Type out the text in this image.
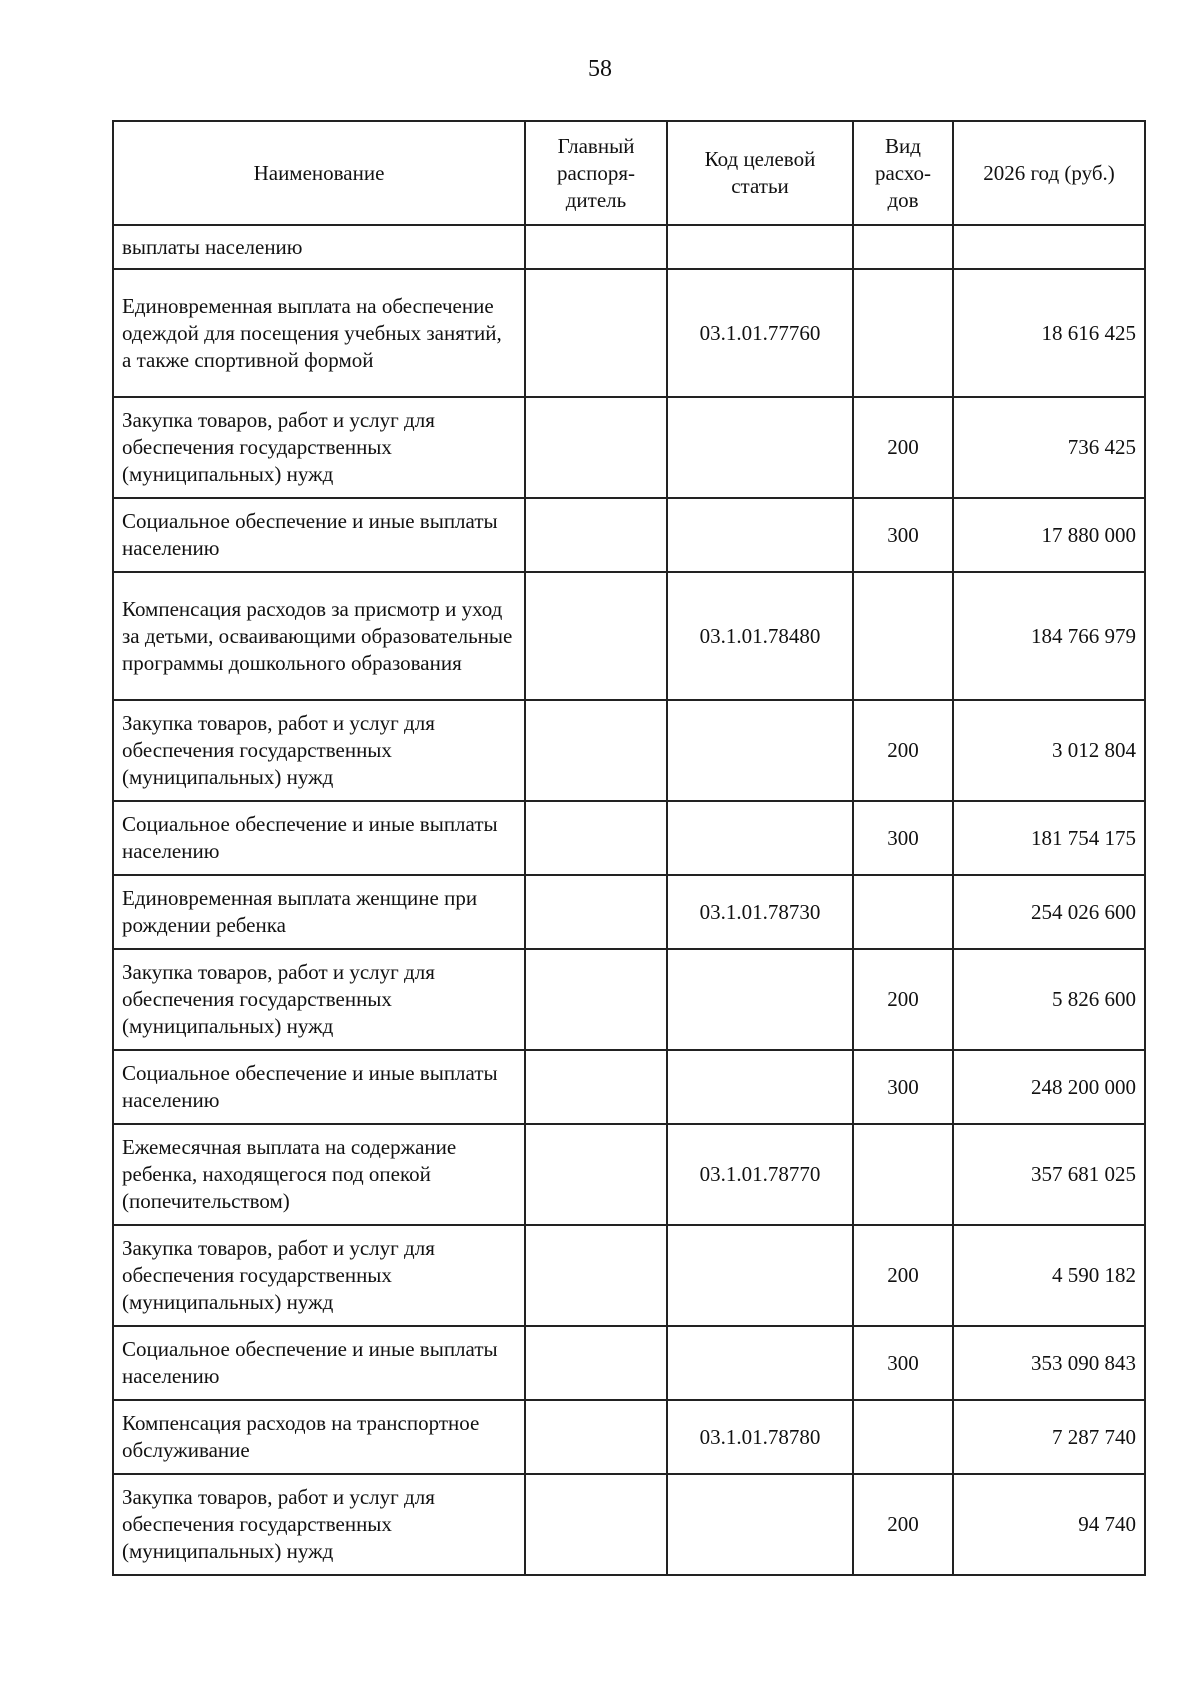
58
Наименование	Главный распоря-дитель	Код целевой статьи	Вид расхо-дов	2026 год (руб.)
выплаты населению				
Единовременная выплата на обеспечение одеждой для посещения учебных занятий, а также спортивной формой		03.1.01.77760		18 616 425
Закупка товаров, работ и услуг для обеспечения государственных (муниципальных) нужд			200	736 425
Социальное обеспечение и иные выплаты населению			300	17 880 000
Компенсация расходов за присмотр и уход за детьми, осваивающими образовательные программы дошкольного образования		03.1.01.78480		184 766 979
Закупка товаров, работ и услуг для обеспечения государственных (муниципальных) нужд			200	3 012 804
Социальное обеспечение и иные выплаты населению			300	181 754 175
Единовременная выплата женщине при рождении ребенка		03.1.01.78730		254 026 600
Закупка товаров, работ и услуг для обеспечения государственных (муниципальных) нужд			200	5 826 600
Социальное обеспечение и иные выплаты населению			300	248 200 000
Ежемесячная выплата на содержание ребенка, находящегося под опекой (попечительством)		03.1.01.78770		357 681 025
Закупка товаров, работ и услуг для обеспечения государственных (муниципальных) нужд			200	4 590 182
Социальное обеспечение и иные выплаты населению			300	353 090 843
Компенсация расходов на транспортное обслуживание		03.1.01.78780		7 287 740
Закупка товаров, работ и услуг для обеспечения государственных (муниципальных) нужд			200	94 740
